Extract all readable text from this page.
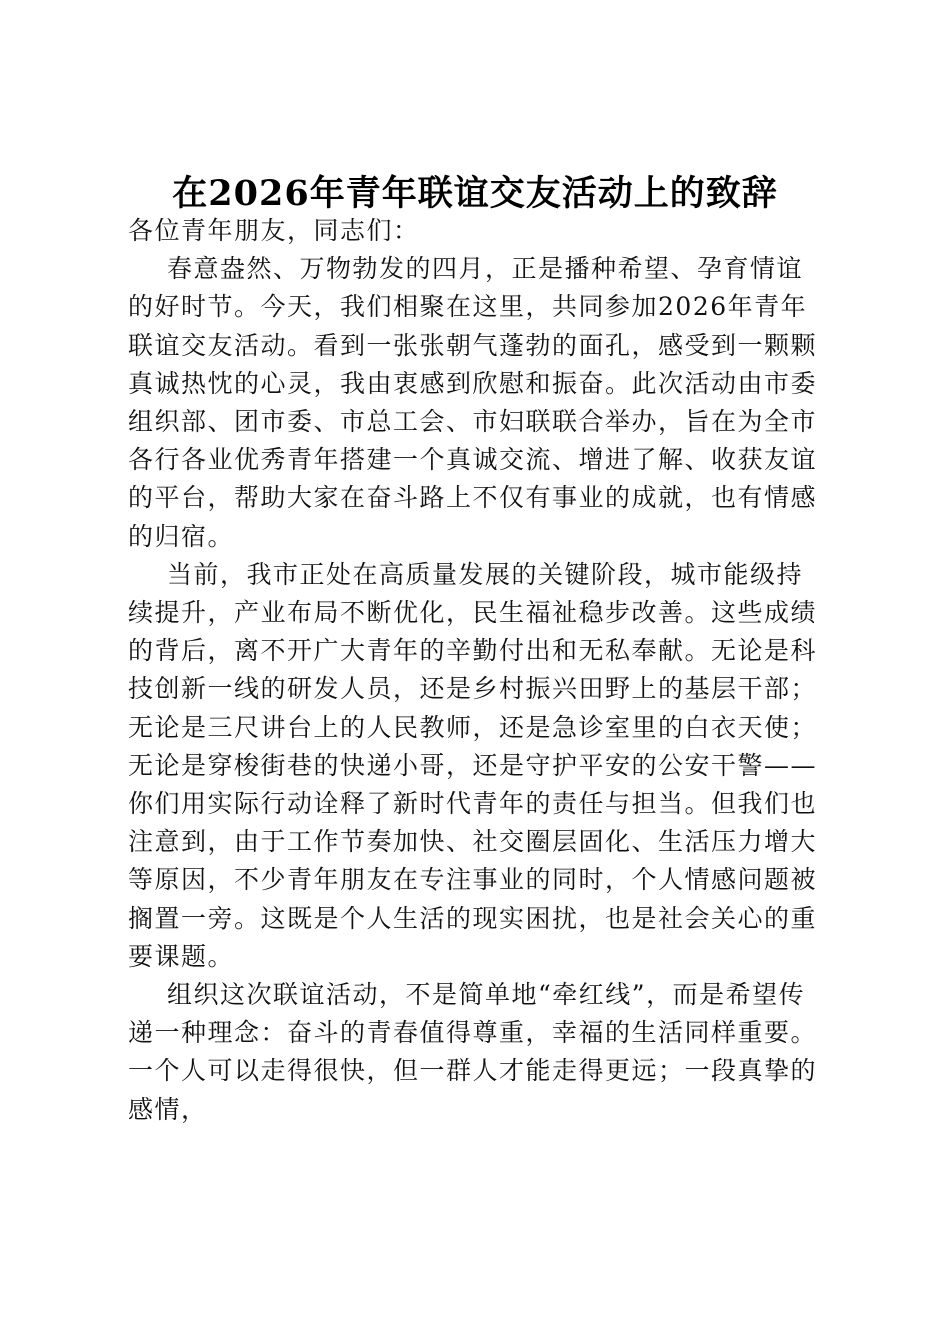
在2026年青年联谊交友活动上的致辞

各位青年朋友，同志们：

春意盎然、万物勃发的四月，正是播种希望、孕育情谊的好时节。今天，我们相聚在这里，共同参加2026年青年联谊交友活动。看到一张张朝气蓬勃的面孔，感受到一颗颗真诚热忱的心灵，我由衷感到欣慰和振奋。此次活动由市委组织部、团市委、市总工会、市妇联联合举办，旨在为全市各行各业优秀青年搭建一个真诚交流、增进了解、收获友谊的平台，帮助大家在奋斗路上不仅有事业的成就，也有情感的归宿。

当前，我市正处在高质量发展的关键阶段，城市能级持续提升，产业布局不断优化，民生福祉稳步改善。这些成绩的背后，离不开广大青年的辛勤付出和无私奉献。无论是科技创新一线的研发人员，还是乡村振兴田野上的基层干部；无论是三尺讲台上的人民教师，还是急诊室里的白衣天使；无论是穿梭街巷的快递小哥，还是守护平安的公安干警——你们用实际行动诠释了新时代青年的责任与担当。但我们也注意到，由于工作节奏加快、社交圈层固化、生活压力增大等原因，不少青年朋友在专注事业的同时，个人情感问题被搁置一旁。这既是个人生活的现实困扰，也是社会关心的重要课题。

组织这次联谊活动，不是简单地“牵红线”，而是希望传递一种理念：奋斗的青春值得尊重，幸福的生活同样重要。一个人可以走得很快，但一群人才能走得更远；一段真挚的感情，
